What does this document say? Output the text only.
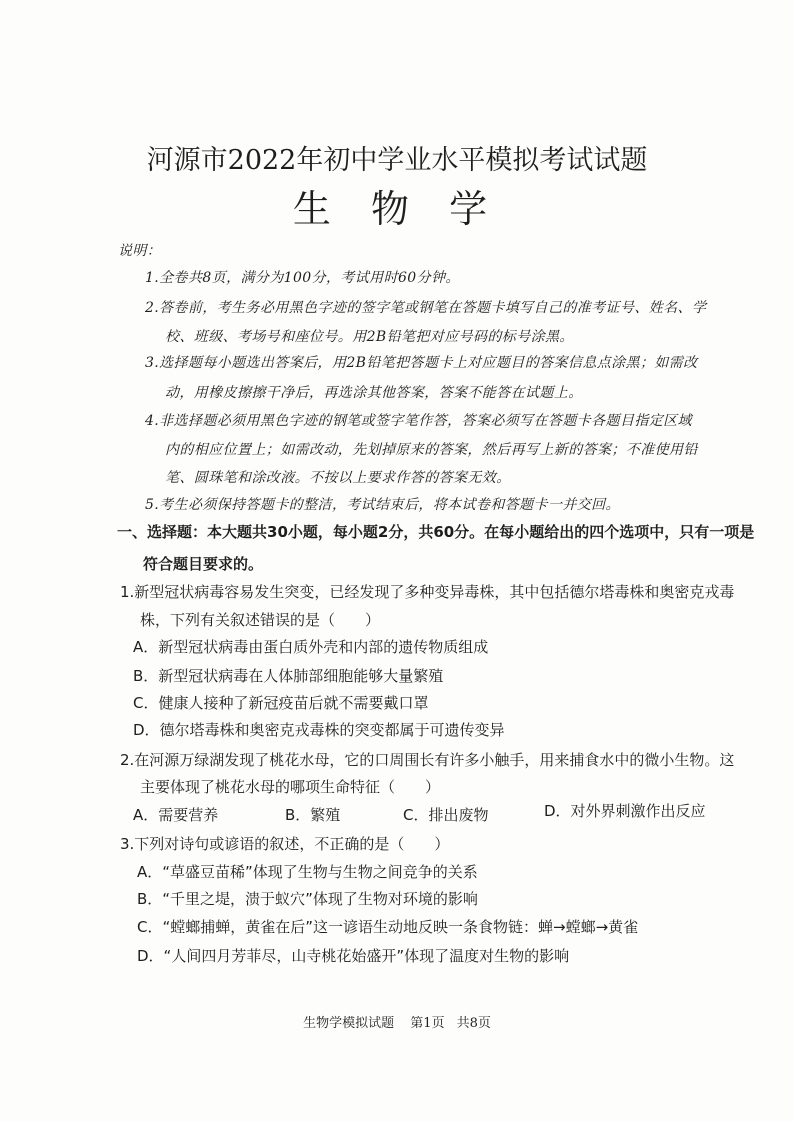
河源市2022年初中学业水平模拟考试试题
生 物 学
说明：
1.全卷共8页，满分为100分，考试用时60分钟。
2.答卷前，考生务必用黑色字迹的签字笔或钢笔在答题卡填写自己的准考证号、姓名、学
校、班级、考场号和座位号。用2B铅笔把对应号码的标号涂黑。
3.选择题每小题选出答案后，用2B铅笔把答题卡上对应题目的答案信息点涂黑；如需改
动，用橡皮擦擦干净后，再选涂其他答案，答案不能答在试题上。
4.非选择题必须用黑色字迹的钢笔或签字笔作答，答案必须写在答题卡各题目指定区域
内的相应位置上；如需改动，先划掉原来的答案，然后再写上新的答案；不准使用铅
笔、圆珠笔和涂改液。不按以上要求作答的答案无效。
5.考生必须保持答题卡的整洁，考试结束后，将本试卷和答题卡一并交回。
一、选择题：本大题共30小题，每小题2分，共60分。在每小题给出的四个选项中，只有一项是
符合题目要求的。
1.新型冠状病毒容易发生突变，已经发现了多种变异毒株，其中包括德尔塔毒株和奥密克戎毒
株，下列有关叙述错误的是（　　）
A．新型冠状病毒由蛋白质外壳和内部的遗传物质组成
B．新型冠状病毒在人体肺部细胞能够大量繁殖
C．健康人接种了新冠疫苗后就不需要戴口罩
D．德尔塔毒株和奥密克戎毒株的突变都属于可遗传变异
2.在河源万绿湖发现了桃花水母，它的口周围长有许多小触手，用来捕食水中的微小生物。这
主要体现了桃花水母的哪项生命特征（　　）
A．需要营养	B．繁殖	C．排出废物	D．对外界刺激作出反应
3.下列对诗句或谚语的叙述，不正确的是（　　）
A．“草盛豆苗稀”体现了生物与生物之间竞争的关系
B．“千里之堤，溃于蚁穴”体现了生物对环境的影响
C．“螳螂捕蝉，黄雀在后”这一谚语生动地反映一条食物链：蝉→螳螂→黄雀
D．“人间四月芳菲尽，山寺桃花始盛开”体现了温度对生物的影响
生物学模拟试题 第1页 共8页
